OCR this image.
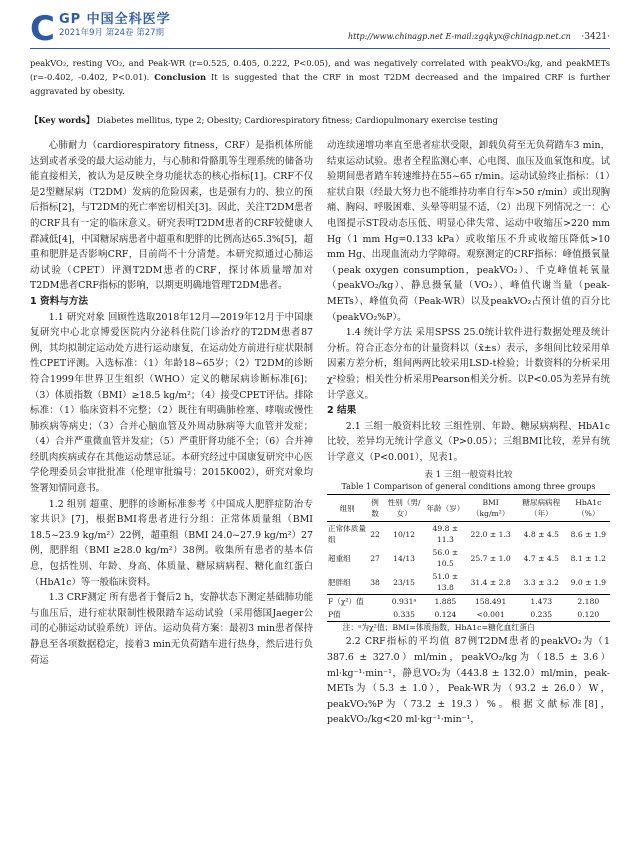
C GP 中国全科医学
2021年9月 第24卷 第27期	http://www.chinagp.net E-mail:zgqkyx@chinagp.net.cn ·3421·
peakVO₂, resting VO₂, and Peak-WR (r=0.525, 0.405, 0.222, P<0.05), and was negatively correlated with peakVO₂/kg, and peakMETs (r=-0.402, -0.402, P<0.01). Conclusion It is suggested that the CRF in most T2DM decreased and the impaired CRF is further aggravated by obesity.
【Key words】 Diabetes mellitus, type 2; Obesity; Cardiorespiratory fitness; Cardiopulmonary exercise testing

心肺耐力（cardiorespiratory fitness，CRF）是指机体所能达到或者承受的最大运动能力，与心肺和骨骼肌等生理系统的储备功能直接相关，被认为是反映全身功能状态的核心指标[1]。CRF不仅是2型糖尿病（T2DM）发病的危险因素，也是强有力的、独立的预后指标[2]，与T2DM的死亡率密切相关[3]。因此，关注T2DM患者的CRF具有一定的临床意义。研究表明T2DM患者的CRF较健康人群减低[4]，中国糖尿病患者中超重和肥胖的比例高达65.3%[5]，超重和肥胖是否影响CRF，目前尚不十分清楚。本研究拟通过心肺运动试验（CPET）评测T2DM患者的CRF，探讨体质量增加对T2DM患者CRF指标的影响，以期更明确地管理T2DM患者。

1 资料与方法

1.1 研究对象 回顾性选取2018年12月—2019年12月于中国康复研究中心北京博爱医院内分泌科住院门诊治疗的T2DM患者87例，其均拟制定运动处方进行运动康复，在运动处方前进行症状限制性CPET评测。入选标准：（1）年龄18~65岁；（2）T2DM的诊断符合1999年世界卫生组织（WHO）定义的糖尿病诊断标准[6]；（3）体质指数（BMI）≥18.5 kg/m²；（4）接受CPET评估。排除标准：（1）临床资料不完整；（2）既往有明确肺栓塞、哮喘或慢性肺疾病等病史；（3）合并心脑血管及外周动脉病等大血管并发症；（4）合并严重微血管并发症；（5）严重肝肾功能不全；（6）合并神经肌肉疾病或存在其他运动禁忌证。本研究经过中国康复研究中心医学伦理委员会审批批准（伦理审批编号：2015K002），研究对象均签署知情同意书。

1.2 组别 超重、肥胖的诊断标准参考《中国成人肥胖症防治专家共识》[7]，根据BMI将患者进行分组：正常体质量组（BMI 18.5~23.9 kg/m²）22例，超重组（BMI 24.0~27.9 kg/m²）27例，肥胖组（BMI ≥28.0 kg/m²）38例。收集所有患者的基本信息，包括性别、年龄、身高、体质量、糖尿病病程、糖化血红蛋白（HbA1c）等一般临床资料。

1.3 CRF测定 所有患者于餐后2 h，安静状态下测定基础肺功能与血压后，进行症状限制性极限踏车运动试验（采用德国Jaeger公司的心肺运动试验系统）评估。运动负荷方案：最初3 min患者保持静息至各项数据稳定，接着3 min无负荷踏车进行热身，然后进行负荷运

动连续递增功率直至患者症状受限，卸载负荷至无负荷踏车3 min，结束运动试验。患者全程监测心率、心电图、血压及血氧饱和度。试验期间患者踏车转速维持在55~65 r/min。运动试验终止指标：（1）症状自限（经最大努力也不能维持功率自行车>50 r/min）或出现胸痛、胸闷、呼吸困难、头晕等明显不适，（2）出现下列情况之一：心电图提示ST段动态压低、明显心律失常、运动中收缩压>220 mm Hg（1 mm Hg=0.133 kPa）或收缩压不升或收缩压降低>10 mm Hg、出现血流动力学障碍。观察测定的CRF指标：峰值摄氧量（peak oxygen consumption，peakVO₂）、千克峰值耗氧量（peakVO₂/kg）、静息摄氧量（VO₂）、峰值代谢当量（peak-METs）、峰值负荷（Peak-WR）以及peakVO₂占预计值的百分比（peakVO₂%P）。

1.4 统计学方法 采用SPSS 25.0统计软件进行数据处理及统计分析。符合正态分布的计量资料以（x̄±s）表示，多组间比较采用单因素方差分析，组间两两比较采用LSD-t检验；计数资料的分析采用χ²检验；相关性分析采用Pearson相关分析。以P<0.05为差异有统计学意义。

2 结果

2.1 三组一般资料比较 三组性别、年龄、糖尿病病程、HbA1c比较，差异均无统计学意义（P>0.05）；三组BMI比较，差异有统计学意义（P<0.001），见表1。

表 1 三组一般资料比较
Table 1 Comparison of general conditions among three groups
组别	例数	性别（男/女）	年龄（岁）	BMI（kg/m²）	糖尿病病程（年）	HbA1c（%）
正常体质量组	22	10/12	49.8 ± 11.3	22.0 ± 1.3	4.8 ± 4.5	8.6 ± 1.9
超重组	27	14/13	56.0 ± 10.5	25.7 ± 1.0	4.7 ± 4.5	8.1 ± 1.2
肥胖组	38	23/15	51.0 ± 13.8	31.4 ± 2.8	3.3 ± 3.2	9.0 ± 1.9
F（χ²）值		0.931ᵃ	1.885	158.491	1.473	2.180
P值		0.335	0.124	<0.001	0.235	0.120

注：ᵃ为χ²值；BMI=体质指数，HbA1c=糖化血红蛋白

2.2 CRF指标的平均值 87例T2DM患者的peakVO₂为（1 387.6 ± 327.0）ml/min，peakVO₂/kg为（18.5 ± 3.6）ml·kg⁻¹·min⁻¹，静息VO₂为（443.8 ± 132.0）ml/min，peak-METs为（5.3 ± 1.0），Peak-WR为（93.2 ± 26.0）W，peakVO₂%P为（73.2 ± 19.3）%。根据文献标准[8]，peakVO₂/kg<20 ml·kg⁻¹·min⁻¹，
